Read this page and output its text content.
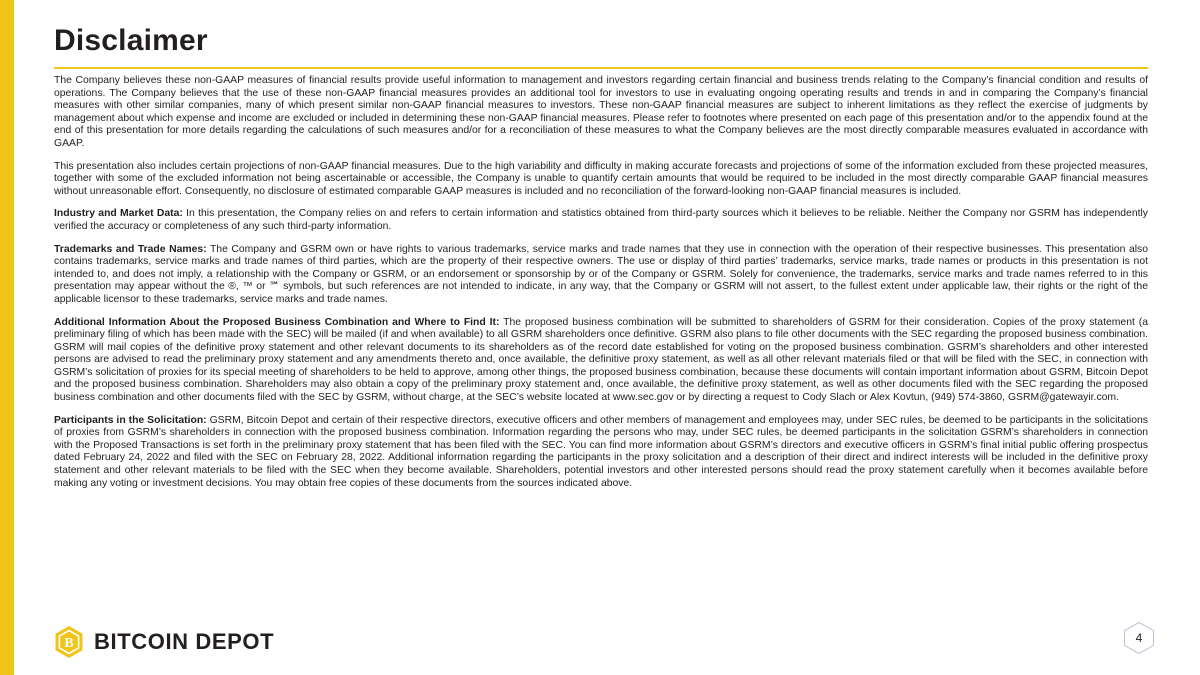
Disclaimer

The Company believes these non-GAAP measures of financial results provide useful information to management and investors regarding certain financial and business trends relating to the Company’s financial condition and results of operations. The Company believes that the use of these non-GAAP financial measures provides an additional tool for investors to use in evaluating ongoing operating results and trends in and in comparing the Company’s financial measures with other similar companies, many of which present similar non-GAAP financial measures to investors. These non-GAAP financial measures are subject to inherent limitations as they reflect the exercise of judgments by management about which expense and income are excluded or included in determining these non-GAAP financial measures. Please refer to footnotes where presented on each page of this presentation and/or to the appendix found at the end of this presentation for more details regarding the calculations of such measures and/or for a reconciliation of these measures to what the Company believes are the most directly comparable measures evaluated in accordance with GAAP.

This presentation also includes certain projections of non-GAAP financial measures. Due to the high variability and difficulty in making accurate forecasts and projections of some of the information excluded from these projected measures, together with some of the excluded information not being ascertainable or accessible, the Company is unable to quantify certain amounts that would be required to be included in the most directly comparable GAAP financial measures without unreasonable effort. Consequently, no disclosure of estimated comparable GAAP measures is included and no reconciliation of the forward-looking non-GAAP financial measures is included.

Industry and Market Data: In this presentation, the Company relies on and refers to certain information and statistics obtained from third-party sources which it believes to be reliable. Neither the Company nor GSRM has independently verified the accuracy or completeness of any such third-party information.

Trademarks and Trade Names: The Company and GSRM own or have rights to various trademarks, service marks and trade names that they use in connection with the operation of their respective businesses. This presentation also contains trademarks, service marks and trade names of third parties, which are the property of their respective owners. The use or display of third parties’ trademarks, service marks, trade names or products in this presentation is not intended to, and does not imply, a relationship with the Company or GSRM, or an endorsement or sponsorship by or of the Company or GSRM. Solely for convenience, the trademarks, service marks and trade names referred to in this presentation may appear without the ®, ™ or ℠ symbols, but such references are not intended to indicate, in any way, that the Company or GSRM will not assert, to the fullest extent under applicable law, their rights or the right of the applicable licensor to these trademarks, service marks and trade names.

Additional Information About the Proposed Business Combination and Where to Find It: The proposed business combination will be submitted to shareholders of GSRM for their consideration. Copies of the proxy statement (a preliminary filing of which has been made with the SEC) will be mailed (if and when available) to all GSRM shareholders once definitive. GSRM also plans to file other documents with the SEC regarding the proposed business combination. GSRM will mail copies of the definitive proxy statement and other relevant documents to its shareholders as of the record date established for voting on the proposed business combination. GSRM’s shareholders and other interested persons are advised to read the preliminary proxy statement and any amendments thereto and, once available, the definitive proxy statement, as well as all other relevant materials filed or that will be filed with the SEC, in connection with GSRM’s solicitation of proxies for its special meeting of shareholders to be held to approve, among other things, the proposed business combination, because these documents will contain important information about GSRM, Bitcoin Depot and the proposed business combination. Shareholders may also obtain a copy of the preliminary proxy statement and, once available, the definitive proxy statement, as well as other documents filed with the SEC regarding the proposed business combination and other documents filed with the SEC by GSRM, without charge, at the SEC’s website located at www.sec.gov or by directing a request to Cody Slach or Alex Kovtun, (949) 574-3860, GSRM@gatewayir.com.

Participants in the Solicitation: GSRM, Bitcoin Depot and certain of their respective directors, executive officers and other members of management and employees may, under SEC rules, be deemed to be participants in the solicitations of proxies from GSRM’s shareholders in connection with the proposed business combination. Information regarding the persons who may, under SEC rules, be deemed participants in the solicitation GSRM’s shareholders in connection with the Proposed Transactions is set forth in the preliminary proxy statement that has been filed with the SEC. You can find more information about GSRM’s directors and executive officers in GSRM’s final initial public offering prospectus dated February 24, 2022 and filed with the SEC on February 28, 2022. Additional information regarding the participants in the proxy solicitation and a description of their direct and indirect interests will be included in the definitive proxy statement and other relevant materials to be filed with the SEC when they become available. Shareholders, potential investors and other interested persons should read the proxy statement carefully when it becomes available before making any voting or investment decisions. You may obtain free copies of these documents from the sources indicated above.

B BITCOIN DEPOT	4
